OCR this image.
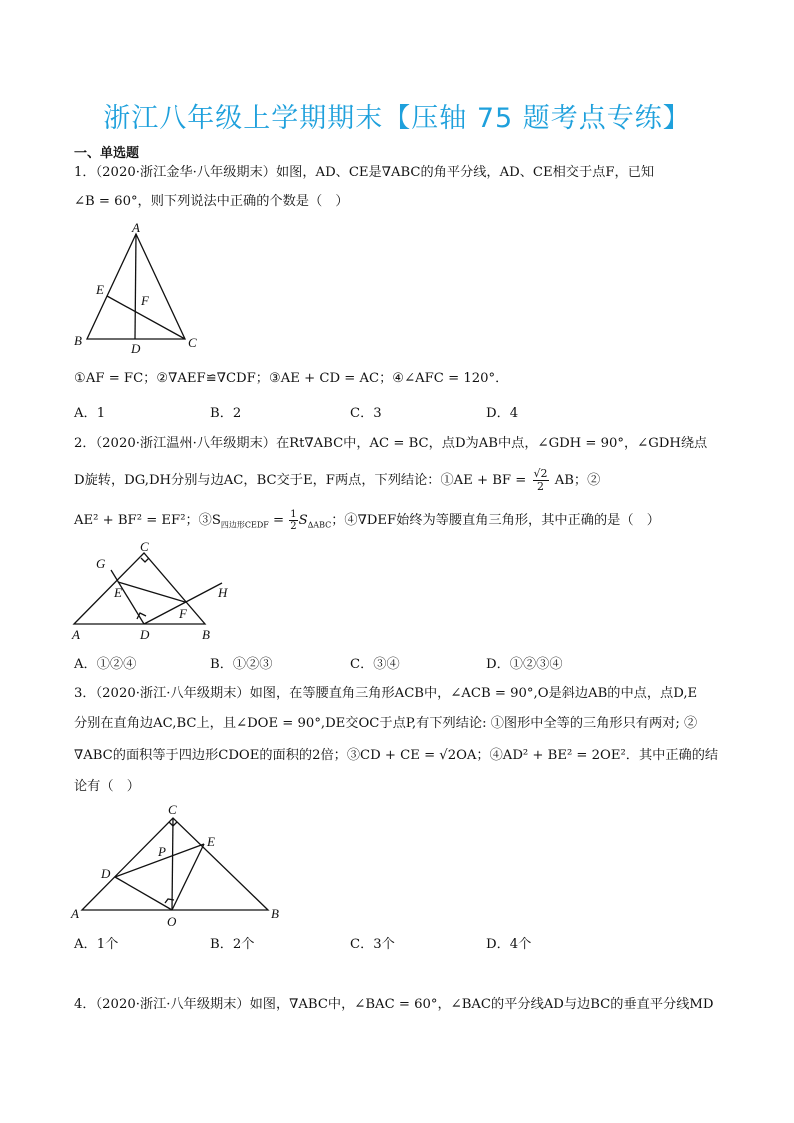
浙江八年级上学期期末【压轴 75 题考点专练】
一、单选题
1．（2020·浙江金华·八年级期末）如图，AD、CE是∇ABC的角平分线，AD、CE相交于点F，已知
∠B = 60°，则下列说法中正确的个数是（　）
A
B	C
D
E
F
①AF = FC；②∇AEF≌∇CDF；③AE + CD = AC；④∠AFC = 120°．
A．1	B．2	C．3	D．4
2．（2020·浙江温州·八年级期末）在Rt∇ABC中，AC = BC，点D为AB中点，∠GDH = 90°，∠GDH绕点
D旋转，DG,DH分别与边AC，BC交于E，F两点，下列结论：①AE + BF = $\frac{√2}{2}$ AB；②
AE² + BF² = EF²；$③S_{四边形CEDF} = \frac{1}{2} S_{\Delta ABC}$；④∇DEF始终为等腰直角三角形，其中正确的是（　）
C
G
E
F
H
A	D	B
A．①②④	B．①②③	C．③④	D．①②③④
3．（2020·浙江·八年级期末）如图，在等腰直角三角形ACB中，∠ACB = 90°,O是斜边AB的中点，点D,E
分别在直角边AC,BC上，且∠DOE = 90°,DE交OC于点P,有下列结论: ①图形中全等的三角形只有两对; ②
∇ABC的面积等于四边形CDOE的面积的2倍；③CD + CE = √2OA；④AD² + BE² = 2OE²．其中正确的结
论有（　）
C
E
P
D
A
O
B
A．1个	B．2个	C．3个	D．4个
4．（2020·浙江·八年级期末）如图，∇ABC中，∠BAC = 60°，∠BAC的平分线AD与边BC的垂直平分线MD
